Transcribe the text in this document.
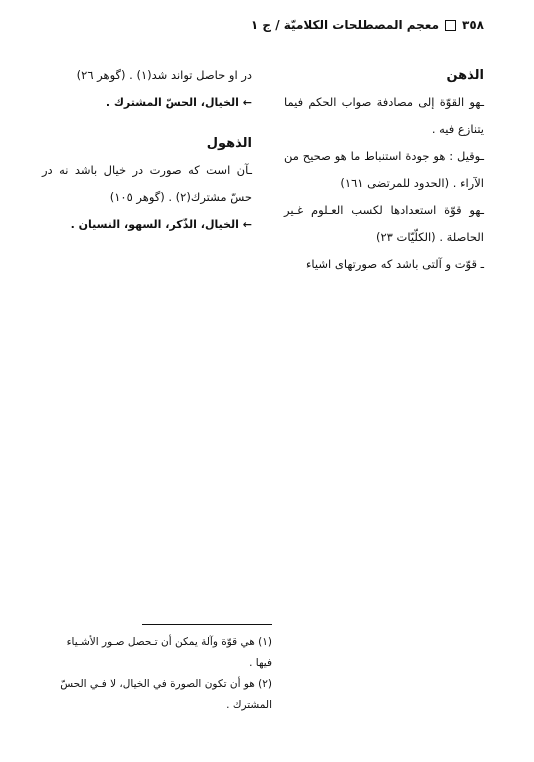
٣٥٨
معجم المصطلحات الكلاميّة / ج ١

الذهن

ـهو القوّة إلى مصادفة صواب الحكم فيما يتنازع فيه .

ـوقيل : هو جودة استنباط ما هو صحيح من الآراء . (الحدود للمرتضى ١٦١)

ـهو قوّة استعدادها لكسب العـلوم غـير الحاصلة . (الكلّيّات ٢٣)

ـ قوّت و آلتى باشد كه صورتهاى اشياء

در او حاصل تواند شد(١) . (گوهر ٢٦)

← الخيال، الحسّ المشترك .

الذهول

ـآن است كه صورت در خيال باشد نه در حسّ مشترك(٢) . (گوهر ١٠٥)

← الخيال، الذّكر، السهو، النسيان .

(١) هي قوّة وآلة يمكن أن تـحصل صـور الأشـياء فيها .

(٢) هو أن تكون الصورة في الخيال، لا فـي الحسّ المشترك .
